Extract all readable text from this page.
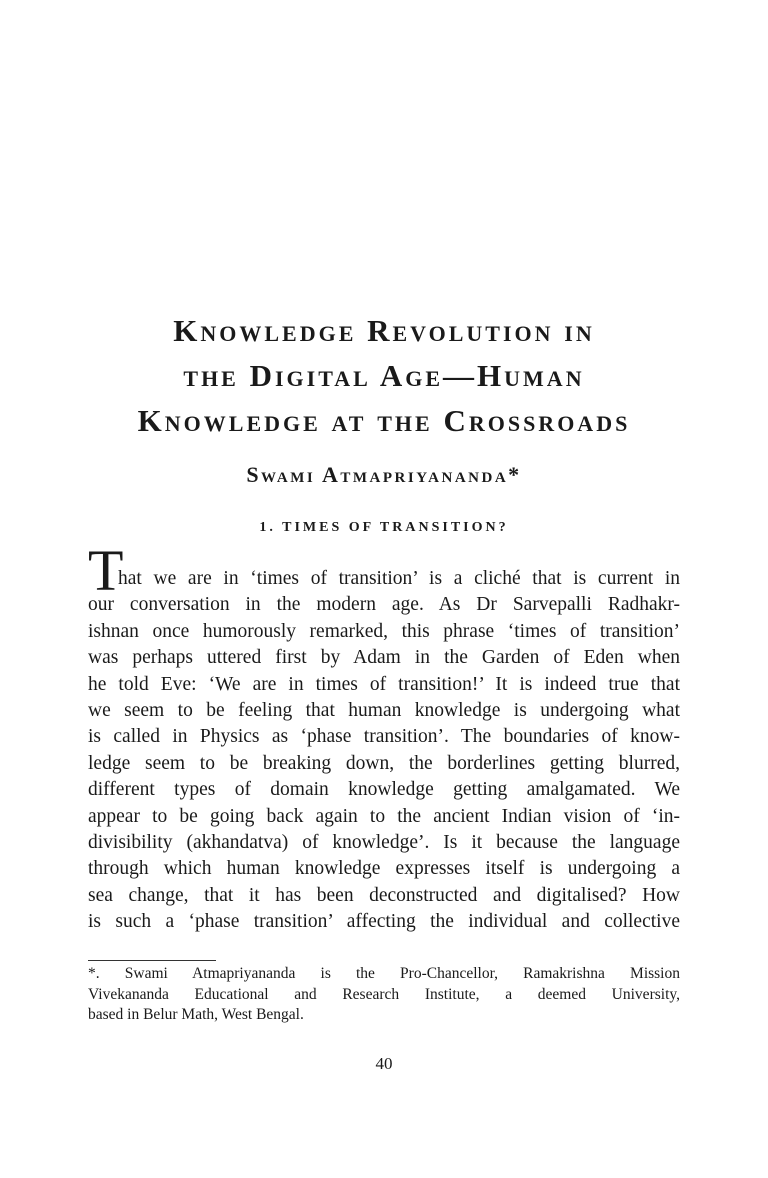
Knowledge Revolution in
the Digital Age—Human
Knowledge at the Crossroads
Swami Atmapriyananda*
1. TIMES OF TRANSITION?
T
hat we are in ‘times of transition’ is a cliché that is current in
our conversation in the modern age. As Dr Sarvepalli Radhakr-
ishnan once humorously remarked, this phrase ‘times of transition’
was perhaps uttered first by Adam in the Garden of Eden when
he told Eve: ‘We are in times of transition!’ It is indeed true that
we seem to be feeling that human knowledge is undergoing what
is called in Physics as ‘phase transition’. The boundaries of know-
ledge seem to be breaking down, the borderlines getting blurred,
different types of domain knowledge getting amalgamated. We
appear to be going back again to the ancient Indian vision of ‘in-
divisibility (akhandatva) of knowledge’. Is it because the language
through which human knowledge expresses itself is undergoing a
sea change, that it has been deconstructed and digitalised? How
is such a ‘phase transition’ affecting the individual and collective
*. Swami Atmapriyananda is the Pro-Chancellor, Ramakrishna Mission
Vivekananda Educational and Research Institute, a deemed University,
based in Belur Math, West Bengal.
40
